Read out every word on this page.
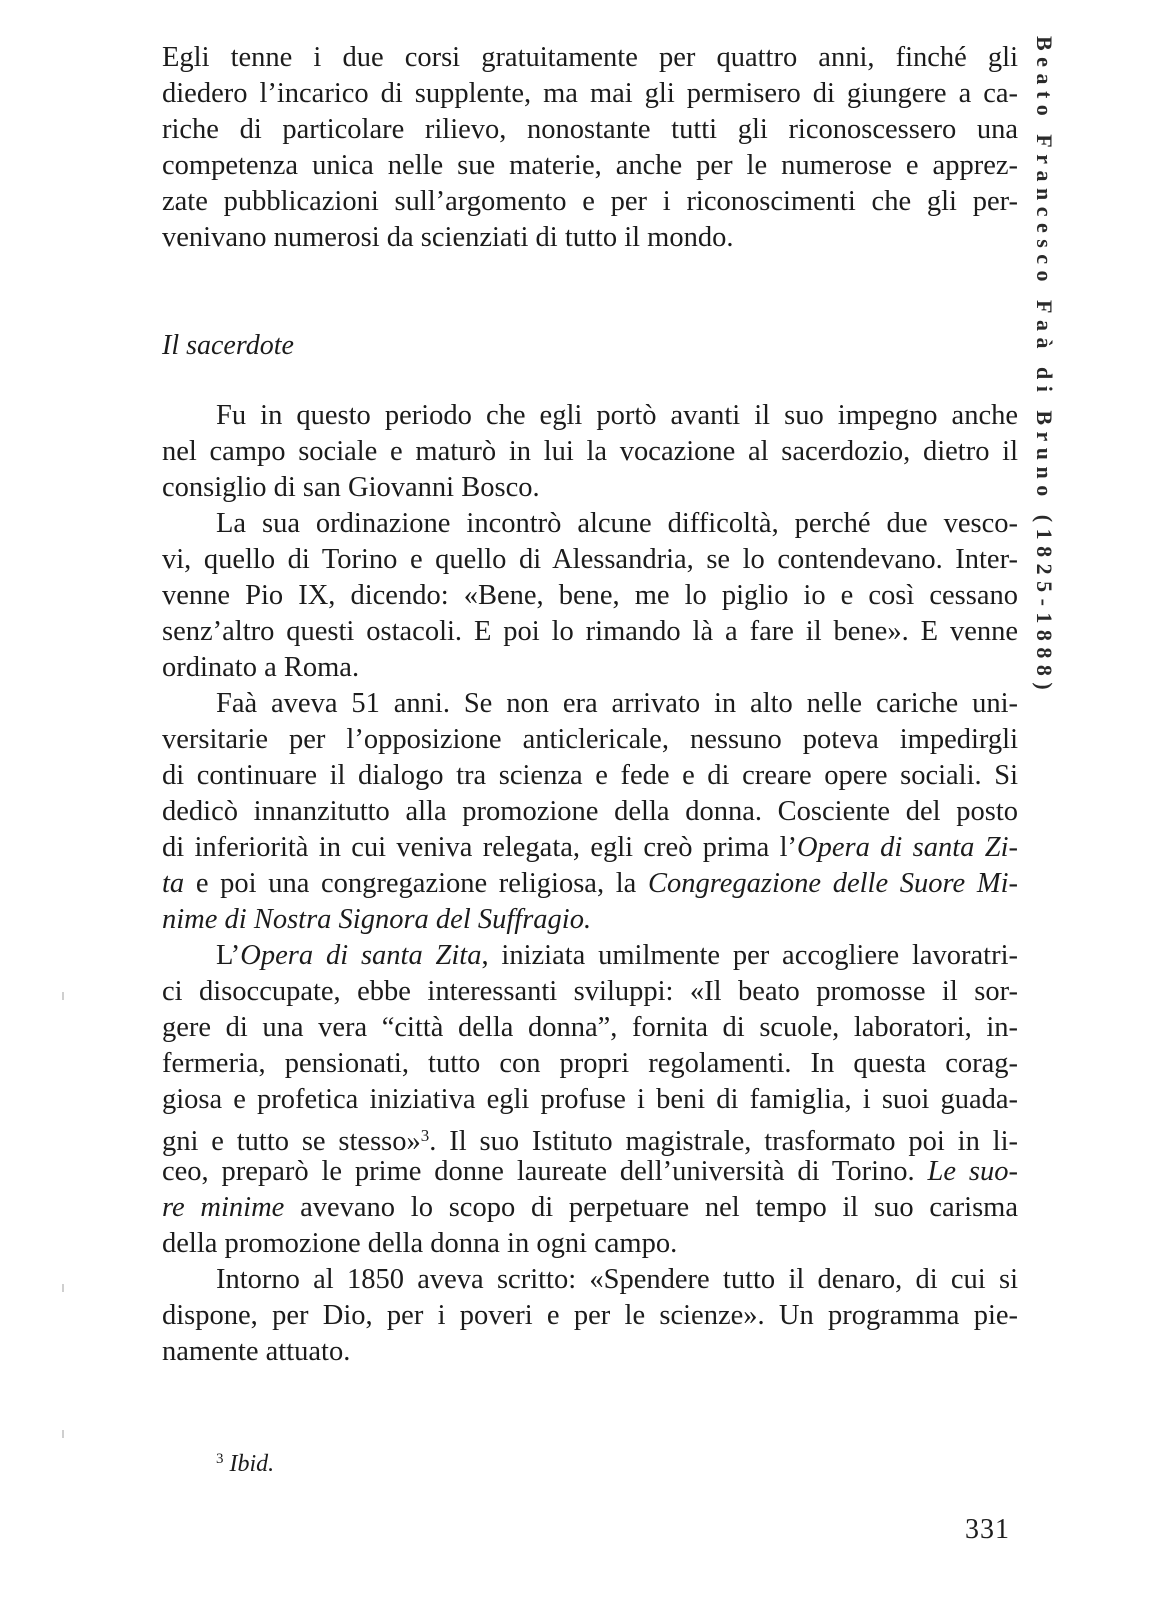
Beato Francesco Faà di Bruno (1825-1888)
Egli tenne i due corsi gratuitamente per quattro anni, finché gli
diedero l’incarico di supplente, ma mai gli permisero di giungere a ca-
riche di particolare rilievo, nonostante tutti gli riconoscessero una
competenza unica nelle sue materie, anche per le numerose e apprez-
zate pubblicazioni sull’argomento e per i riconoscimenti che gli per-
venivano numerosi da scienziati di tutto il mondo.
Il sacerdote
Fu in questo periodo che egli portò avanti il suo impegno anche
nel campo sociale e maturò in lui la vocazione al sacerdozio, dietro il
consiglio di san Giovanni Bosco.
La sua ordinazione incontrò alcune difficoltà, perché due vesco-
vi, quello di Torino e quello di Alessandria, se lo contendevano. Inter-
venne Pio IX, dicendo: «Bene, bene, me lo piglio io e così cessano
senz’altro questi ostacoli. E poi lo rimando là a fare il bene». E venne
ordinato a Roma.
Faà aveva 51 anni. Se non era arrivato in alto nelle cariche uni-
versitarie per l’opposizione anticlericale, nessuno poteva impedirgli
di continuare il dialogo tra scienza e fede e di creare opere sociali. Si
dedicò innanzitutto alla promozione della donna. Cosciente del posto
di inferiorità in cui veniva relegata, egli creò prima l’Opera di santa Zi-
ta e poi una congregazione religiosa, la Congregazione delle Suore Mi-
nime di Nostra Signora del Suffragio.
L’Opera di santa Zita, iniziata umilmente per accogliere lavoratri-
ci disoccupate, ebbe interessanti sviluppi: «Il beato promosse il sor-
gere di una vera “città della donna”, fornita di scuole, laboratori, in-
fermeria, pensionati, tutto con propri regolamenti. In questa corag-
giosa e profetica iniziativa egli profuse i beni di famiglia, i suoi guada-
gni e tutto se stesso»$^3$. Il suo Istituto magistrale, trasformato poi in li-
ceo, preparò le prime donne laureate dell’università di Torino. Le suo-
re minime avevano lo scopo di perpetuare nel tempo il suo carisma
della promozione della donna in ogni campo.
Intorno al 1850 aveva scritto: «Spendere tutto il denaro, di cui si
dispone, per Dio, per i poveri e per le scienze». Un programma pie-
namente attuato.
$^3$ Ibid.
331
